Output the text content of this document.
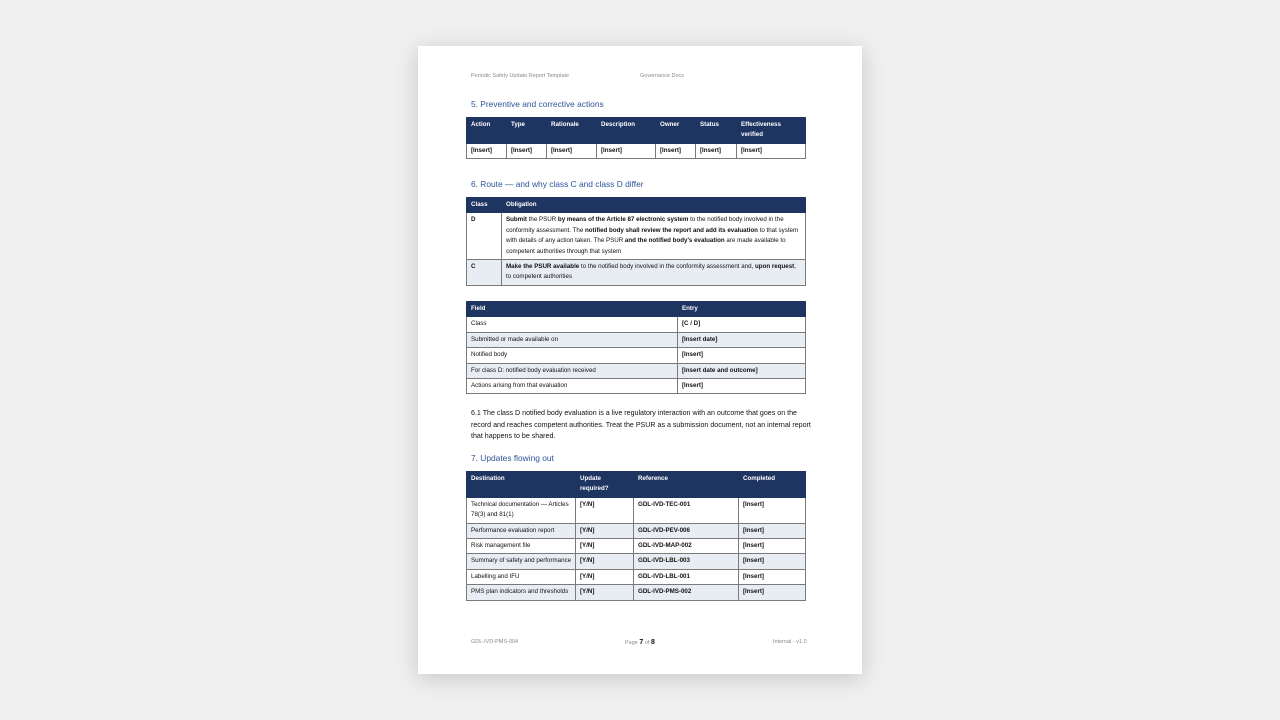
Periodic Safety Update Report Template	Governance Docs
5. Preventive and corrective actions
Action	Type	Rationale	Description	Owner	Status	Effectiveness verified
[Insert]	[Insert]	[Insert]	[Insert]	[Insert]	[Insert]	[Insert]
6. Route — and why class C and class D differ
Class	Obligation
D	Submit the PSUR by means of the Article 87 electronic system to the notified body involved in the conformity assessment. The notified body shall review the report and add its evaluation to that system with details of any action taken. The PSUR and the notified body's evaluation are made available to competent authorities through that system
C	Make the PSUR available to the notified body involved in the conformity assessment and, upon request, to competent authorities
Field	Entry
Class	[C / D]
Submitted or made available on	[Insert date]
Notified body	[Insert]
For class D: notified body evaluation received	[Insert date and outcome]
Actions arising from that evaluation	[Insert]
6.1 The class D notified body evaluation is a live regulatory interaction with an outcome that goes on the record and reaches competent authorities. Treat the PSUR as a submission document, not an internal report that happens to be shared.
7. Updates flowing out
Destination	Update required?	Reference	Completed
Technical documentation — Articles 78(3) and 81(1)	[Y/N]	GDL-IVD-TEC-001	[Insert]
Performance evaluation report	[Y/N]	GDL-IVD-PEV-006	[Insert]
Risk management file	[Y/N]	GDL-IVD-MAP-002	[Insert]
Summary of safety and performance	[Y/N]	GDL-IVD-LBL-003	[Insert]
Labelling and IFU	[Y/N]	GDL-IVD-LBL-001	[Insert]
PMS plan indicators and thresholds	[Y/N]	GDL-IVD-PMS-002	[Insert]
GDL-IVD-PMS-004	Page 7 of 8	Internal - v1.0
